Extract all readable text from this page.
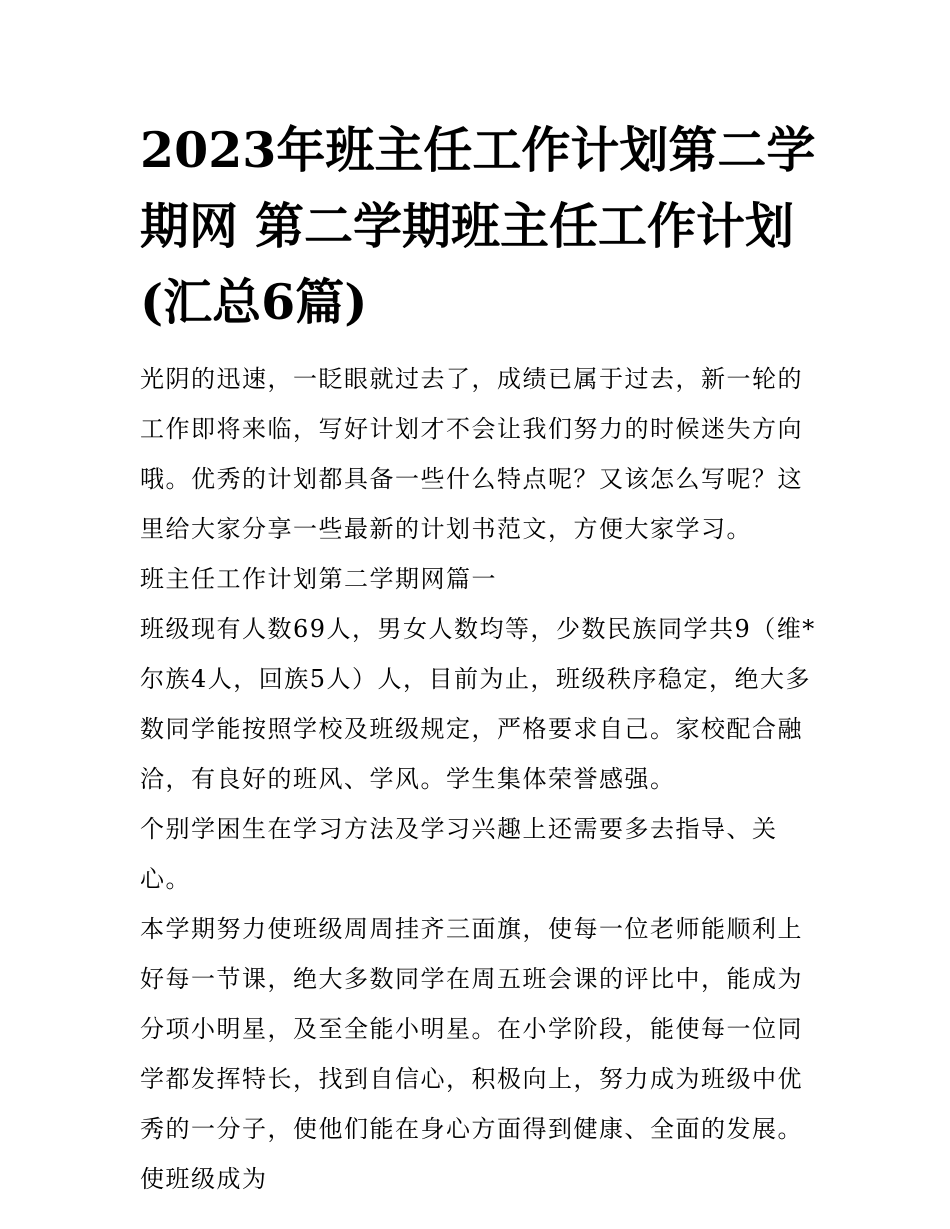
2023年班主任工作计划第二学期网 第二学期班主任工作计划(汇总6篇)

光阴的迅速，一眨眼就过去了，成绩已属于过去，新一轮的工作即将来临，写好计划才不会让我们努力的时候迷失方向哦。优秀的计划都具备一些什么特点呢？又该怎么写呢？这里给大家分享一些最新的计划书范文，方便大家学习。

班主任工作计划第二学期网篇一

班级现有人数69人，男女人数均等，少数民族同学共9（维*尔族4人，回族5人）人，目前为止，班级秩序稳定，绝大多数同学能按照学校及班级规定，严格要求自己。家校配合融洽，有良好的班风、学风。学生集体荣誉感强。

个别学困生在学习方法及学习兴趣上还需要多去指导、关心。

本学期努力使班级周周挂齐三面旗，使每一位老师能顺利上好每一节课，绝大多数同学在周五班会课的评比中，能成为分项小明星，及至全能小明星。在小学阶段，能使每一位同学都发挥特长，找到自信心，积极向上，努力成为班级中优秀的一分子，使他们能在身心方面得到健康、全面的发展。使班级成为
